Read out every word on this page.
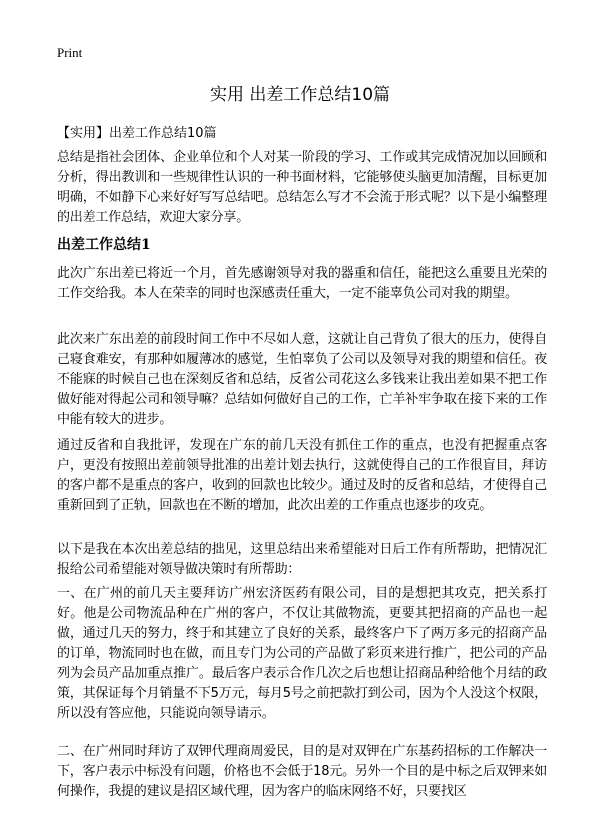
Print
实用 出差工作总结10篇

【实用】出差工作总结10篇

总结是指社会团体、企业单位和个人对某一阶段的学习、工作或其完成情况加以回顾和分析，得出教训和一些规律性认识的一种书面材料，它能够使头脑更加清醒，目标更加明确，不如静下心来好好写写总结吧。总结怎么写才不会流于形式呢？以下是小编整理的出差工作总结，欢迎大家分享。

出差工作总结1

此次广东出差已将近一个月，首先感谢领导对我的器重和信任，能把这么重要且光荣的工作交给我。本人在荣幸的同时也深感责任重大，一定不能辜负公司对我的期望。

此次来广东出差的前段时间工作中不尽如人意，这就让自己背负了很大的压力，使得自己寝食难安，有那种如履薄冰的感觉，生怕辜负了公司以及领导对我的期望和信任。夜不能寐的时候自己也在深刻反省和总结，反省公司花这么多钱来让我出差如果不把工作做好能对得起公司和领导嘛？总结如何做好自己的工作，亡羊补牢争取在接下来的工作中能有较大的进步。

通过反省和自我批评，发现在广东的前几天没有抓住工作的重点，也没有把握重点客户，更没有按照出差前领导批准的出差计划去执行，这就使得自己的工作很盲目，拜访的客户都不是重点的客户，收到的回款也比较少。通过及时的反省和总结，才使得自己重新回到了正轨，回款也在不断的增加，此次出差的工作重点也逐步的攻克。

以下是我在本次出差总结的拙见，这里总结出来希望能对日后工作有所帮助，把情况汇报给公司希望能对领导做决策时有所帮助：

一、在广州的前几天主要拜访广州宏济医药有限公司，目的是想把其攻克，把关系打好。他是公司物流品种在广州的客户，不仅让其做物流，更要其把招商的产品也一起做，通过几天的努力，终于和其建立了良好的关系，最终客户下了两万多元的招商产品的订单，物流同时也在做，而且专门为公司的产品做了彩页来进行推广，把公司的产品列为会员产品加重点推广。最后客户表示合作几次之后也想让招商品种给他个月结的政策，其保证每个月销量不下5万元，每月5号之前把款打到公司，因为个人没这个权限，所以没有答应他，只能说向领导请示。

二、在广州同时拜访了双钾代理商周爱民，目的是对双钾在广东基药招标的工作解决一下，客户表示中标没有问题，价格也不会低于18元。另外一个目的是中标之后双钾来如何操作，我提的建议是招区域代理，因为客户的临床网络不好，只要找区
